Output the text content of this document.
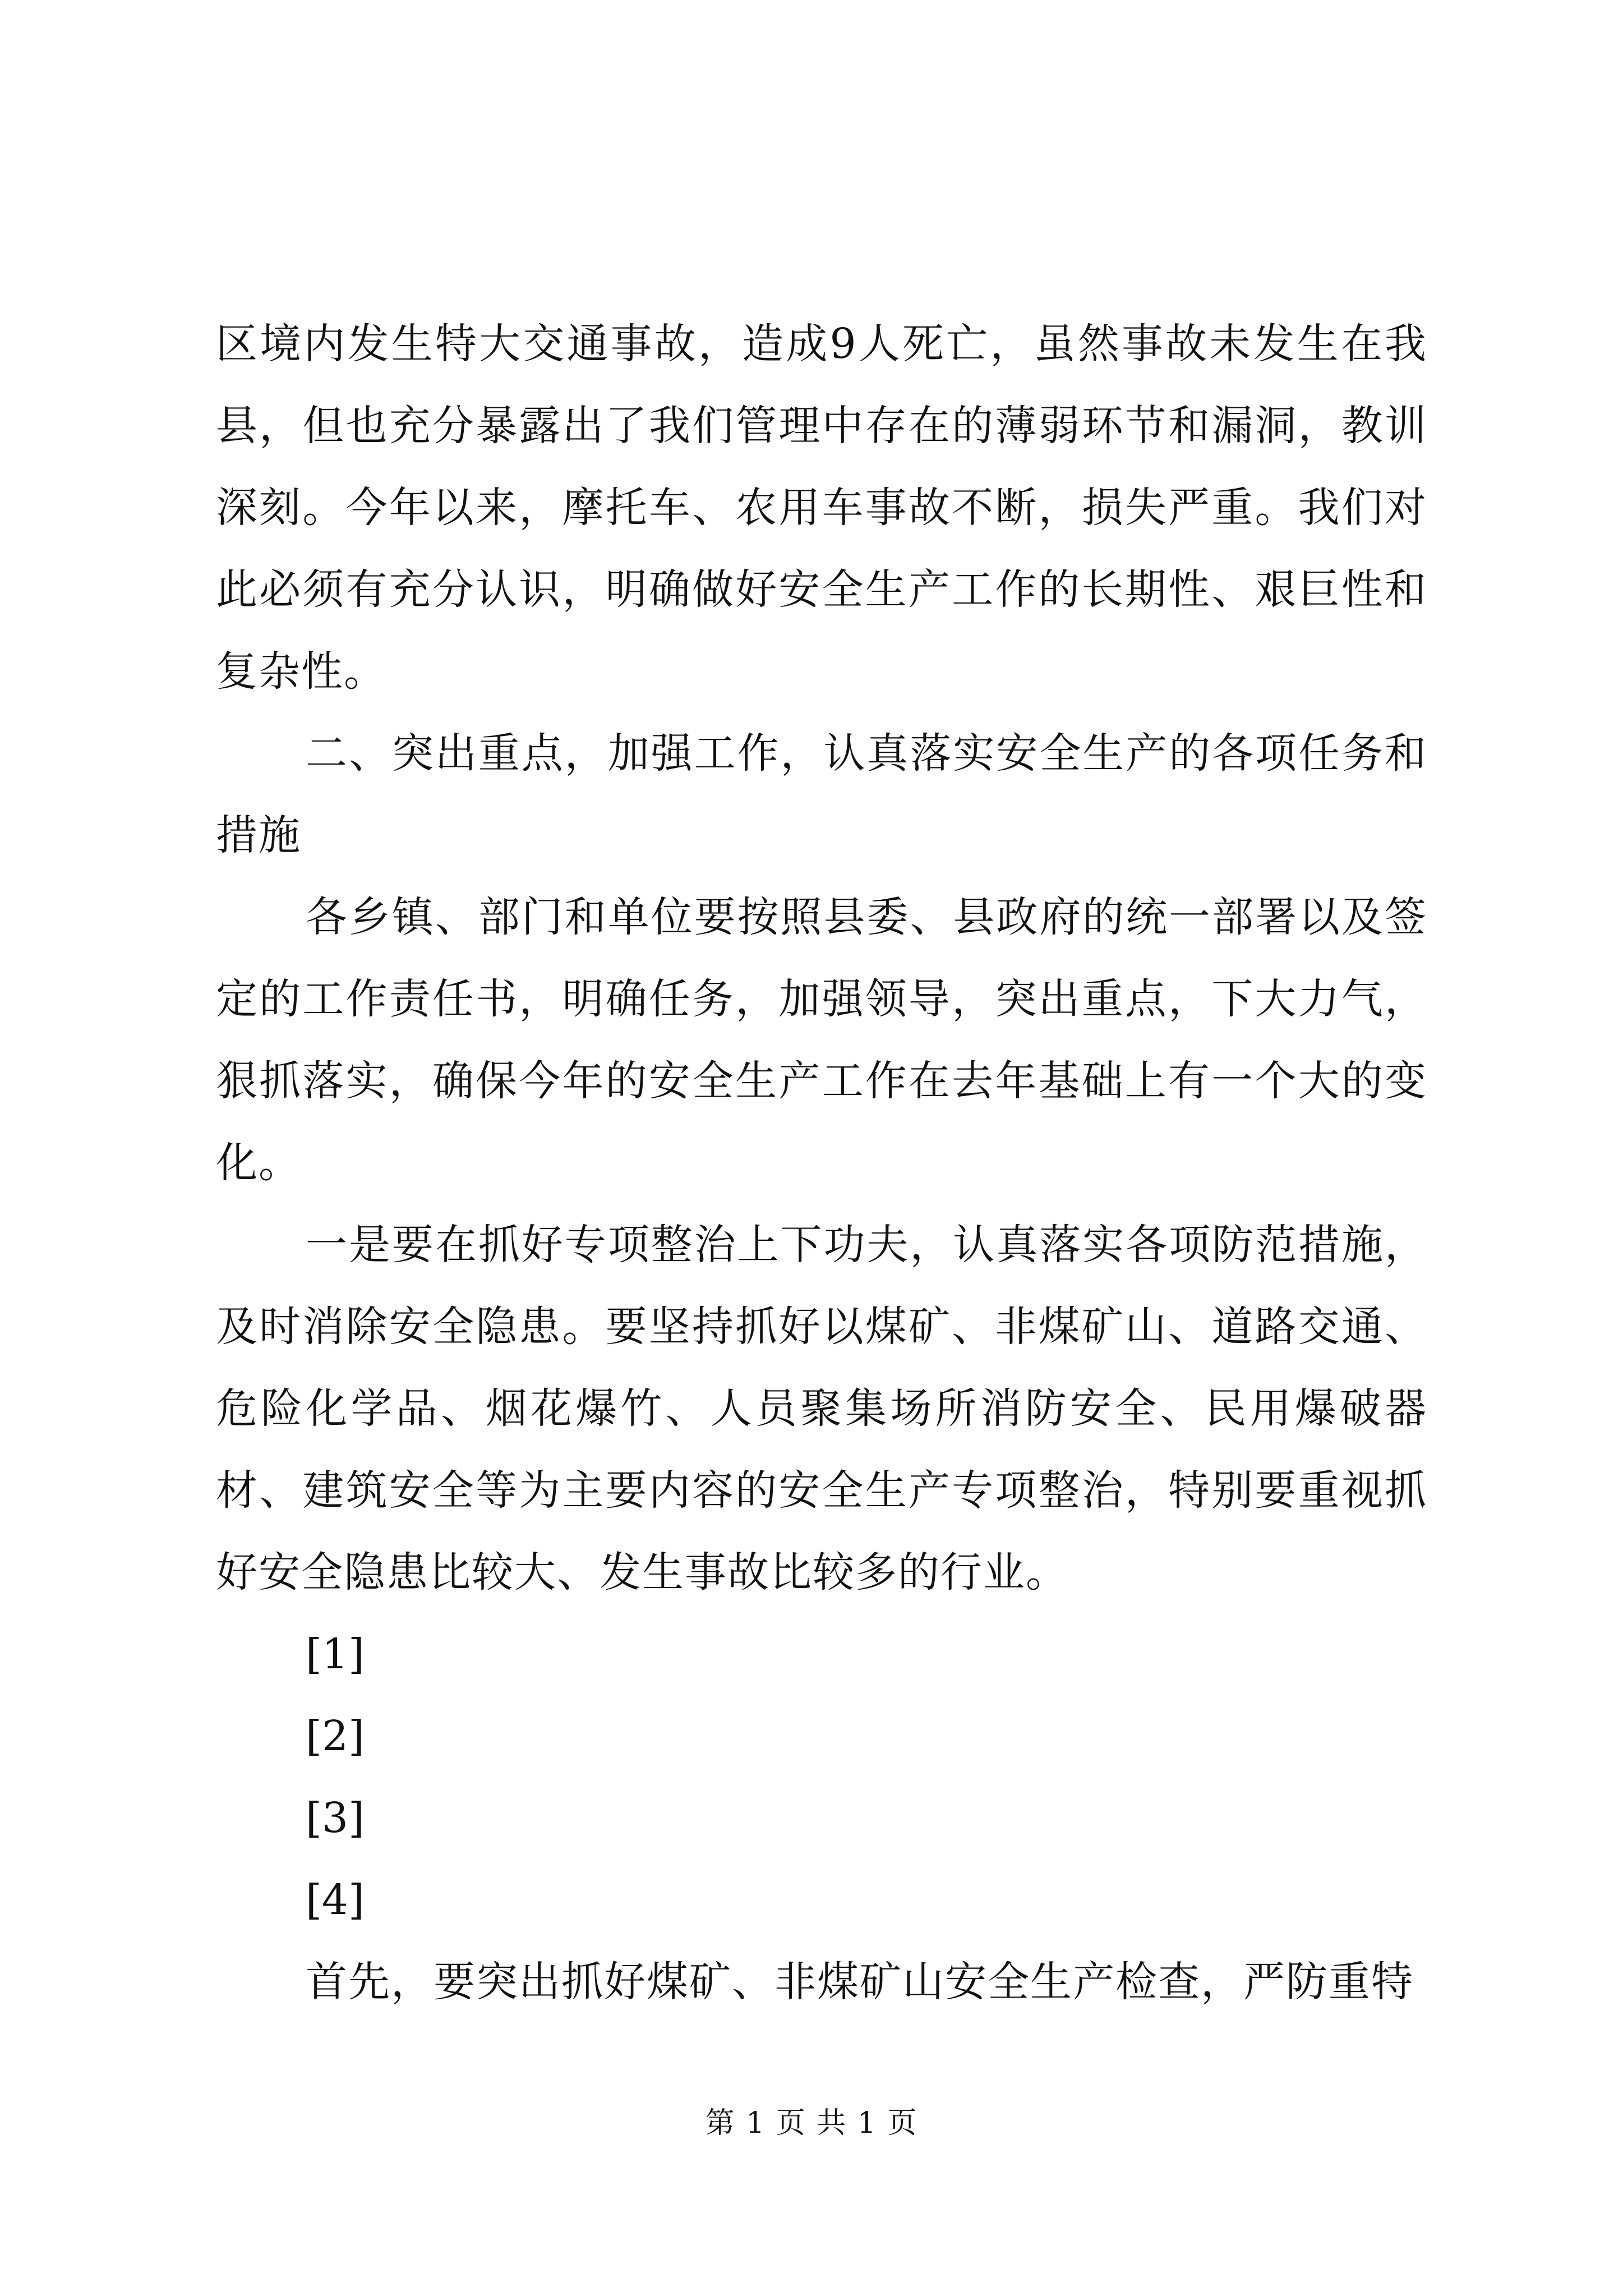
区境内发生特大交通事故，造成9人死亡，虽然事故未发生在我县，但也充分暴露出了我们管理中存在的薄弱环节和漏洞，教训深刻。今年以来，摩托车、农用车事故不断，损失严重。我们对此必须有充分认识，明确做好安全生产工作的长期性、艰巨性和复杂性。

二、突出重点，加强工作，认真落实安全生产的各项任务和措施

各乡镇、部门和单位要按照县委、县政府的统一部署以及签定的工作责任书，明确任务，加强领导，突出重点，下大力气，狠抓落实，确保今年的安全生产工作在去年基础上有一个大的变化。

一是要在抓好专项整治上下功夫，认真落实各项防范措施，及时消除安全隐患。要坚持抓好以煤矿、非煤矿山、道路交通、危险化学品、烟花爆竹、人员聚集场所消防安全、民用爆破器材、建筑安全等为主要内容的安全生产专项整治，特别要重视抓好安全隐患比较大、发生事故比较多的行业。

[1]

[2]

[3]

[4]

首先，要突出抓好煤矿、非煤矿山安全生产检查，严防重特

第 1 页 共 1 页
